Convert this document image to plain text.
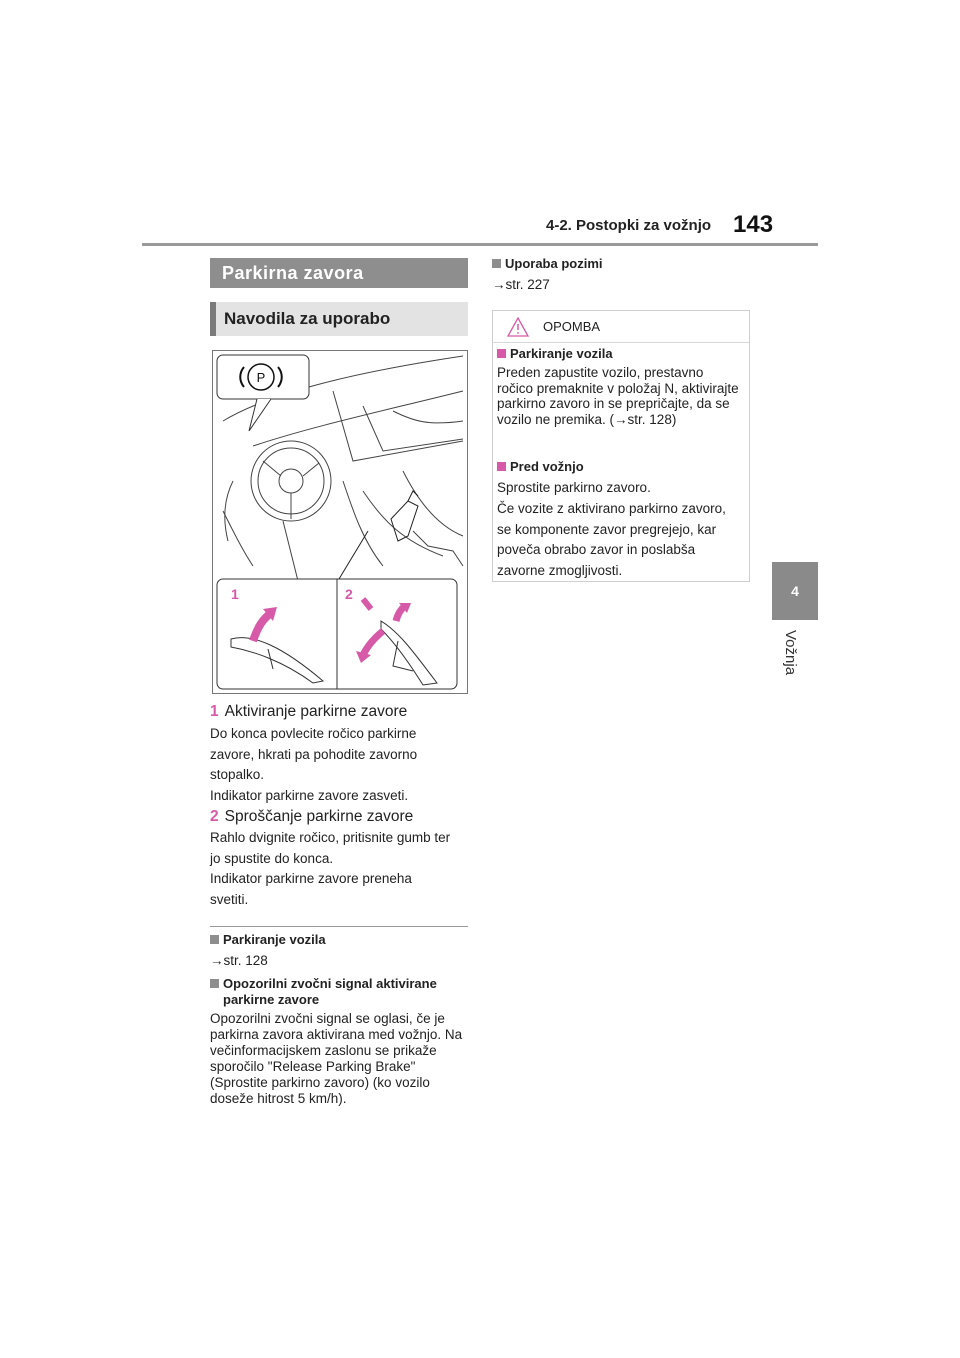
4-2. Postopki za vožnjo 143
4
Vožnja
Parkirna zavora
Navodila za uporabo
P
1	2
1 Aktiviranje parkirne zavore
Do konca povlecite ročico parkirne zavore, hkrati pa pohodite zavorno stopalko.
Indikator parkirne zavore zasveti.
2 Sproščanje parkirne zavore
Rahlo dvignite ročico, pritisnite gumb ter jo spustite do konca.
Indikator parkirne zavore preneha svetiti.
Parkiranje vozila
→str. 128
Opozorilni zvočni signal aktivirane parkirne zavore
Opozorilni zvočni signal se oglasi, če je parkirna zavora aktivirana med vožnjo. Na večinformacijskem zaslonu se prikaže sporočilo "Release Parking Brake" (Sprostite parkirno zavoro) (ko vozilo doseže hitrost 5 km/h).
Uporaba pozimi
→str. 227
OPOMBA
Parkiranje vozila
Preden zapustite vozilo, prestavno ročico premaknite v položaj N, aktivirajte parkirno zavoro in se prepričajte, da se vozilo ne premika. (→str. 128)
Pred vožnjo
Sprostite parkirno zavoro.
Če vozite z aktivirano parkirno zavoro, se komponente zavor pregrejejo, kar poveča obrabo zavor in poslabša zavorne zmogljivosti.
